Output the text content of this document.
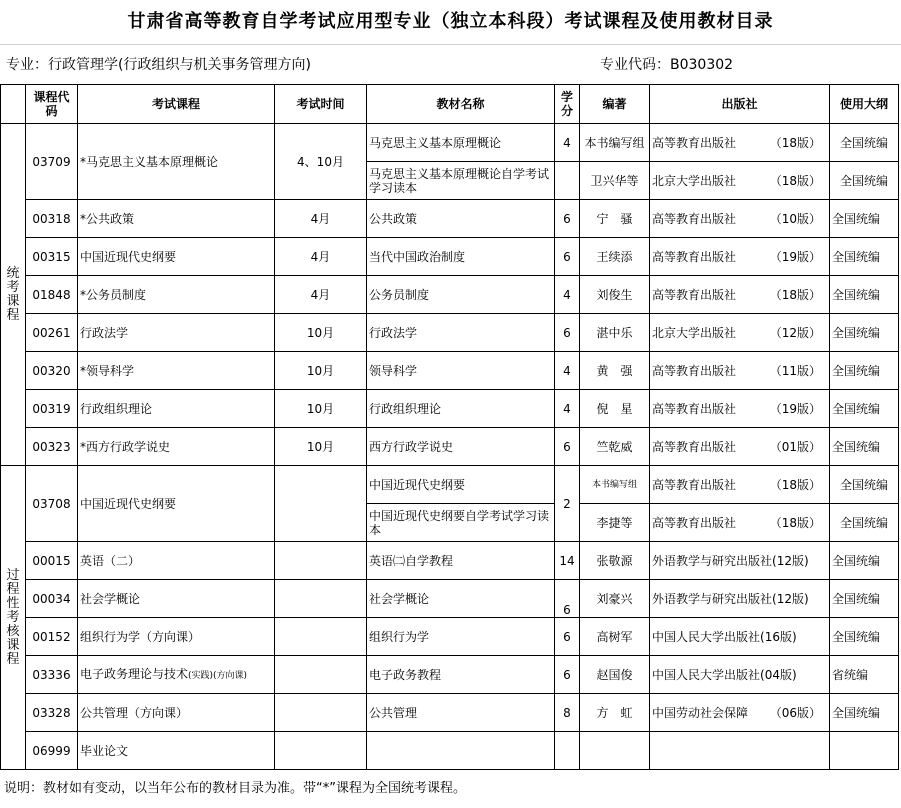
甘肃省高等教育自学考试应用型专业（独立本科段）考试课程及使用教材目录
专业：行政管理学(行政组织与机关事务管理方向)	专业代码：B030302
	课程代码	考试课程	考试时间	教材名称	学分	编著	出版社	使用大纲
统考课程	03709	*马克思主义基本原理概论	4、10月	马克思主义基本原理概论	4	本书编写组	高等教育出版社 （18版）	全国统编
				马克思主义基本原理概论自学考试学习读本		卫兴华等	北京大学出版社 （18版）	全国统编
	00318	*公共政策	4月	公共政策	6	宁　骚	高等教育出版社 （10版）	全国统编
	00315	中国近现代史纲要	4月	当代中国政治制度	6	王续添	高等教育出版社 （19版）	全国统编
	01848	*公务员制度	4月	公务员制度	4	刘俊生	高等教育出版社 （18版）	全国统编
	00261	行政法学	10月	行政法学	6	湛中乐	北京大学出版社 （12版）	全国统编
	00320	*领导科学	10月	领导科学	4	黄　强	高等教育出版社 （11版）	全国统编
	00319	行政组织理论	10月	行政组织理论	4	倪　星	高等教育出版社 （19版）	全国统编
	00323	*西方行政学说史	10月	西方行政学说史	6	竺乾威	高等教育出版社 （01版）	全国统编
过程性考核课程	03708	中国近现代史纲要		中国近现代史纲要	2	本书编写组	高等教育出版社 （18版）	全国统编
				中国近现代史纲要自学考试学习读本		李捷等	高等教育出版社 （18版）	全国统编
	00015	英语（二）		英语㈡自学教程	14	张敬源	外语教学与研究出版社(12版)	全国统编
	00034	社会学概论		社会学概论	6	刘豪兴	外语教学与研究出版社(12版)	全国统编
	00152	组织行为学（方向课）		组织行为学	6	高树军	中国人民大学出版社(16版)	全国统编
	03336	电子政务理论与技术(实践)(方向课)		电子政务教程	6	赵国俊	中国人民大学出版社(04版)	省统编
	03328	公共管理（方向课）		公共管理	8	方　虹	中国劳动社会保障 （06版）	全国统编
	06999	毕业论文						
说明：教材如有变动，以当年公布的教材目录为准。带“*”课程为全国统考课程。
